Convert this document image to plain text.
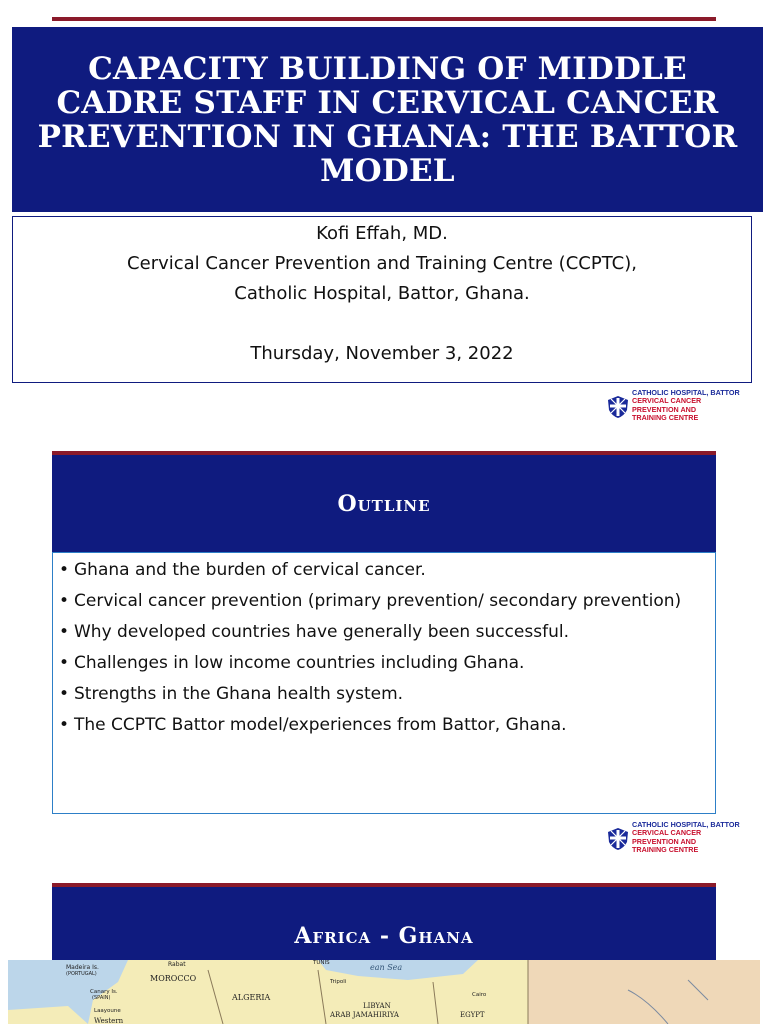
CAPACITY BUILDING OF MIDDLE CADRE STAFF IN CERVICAL CANCER PREVENTION IN GHANA: THE BATTOR MODEL
Kofi Effah, MD.
Cervical Cancer Prevention and Training Centre (CCPTC),
Catholic Hospital, Battor, Ghana.
Thursday, November 3, 2022
CATHOLIC HOSPITAL, BATTOR
CERVICAL CANCER
PREVENTION AND
TRAINING CENTRE
Outline
• Ghana and the burden of cervical cancer.
• Cervical cancer prevention (primary prevention/ secondary prevention)
• Why developed countries have generally been successful.
• Challenges in low income countries including Ghana.
• Strengths in the Ghana health system.
• The CCPTC Battor model/experiences from Battor, Ghana.
CATHOLIC HOSPITAL, BATTOR
CERVICAL CANCER
PREVENTION AND
TRAINING CENTRE
Africa - Ghana
Madeira Is.
(PORTUGAL)
Rabat
MOROCCO
Canary Is.
(SPAIN)
Laayoune
Western
ALGERIA
TUNIS	ean Sea
Tripoli
LIBYAN
ARAB JAMAHIRIYA
Cairo
EGYPT
